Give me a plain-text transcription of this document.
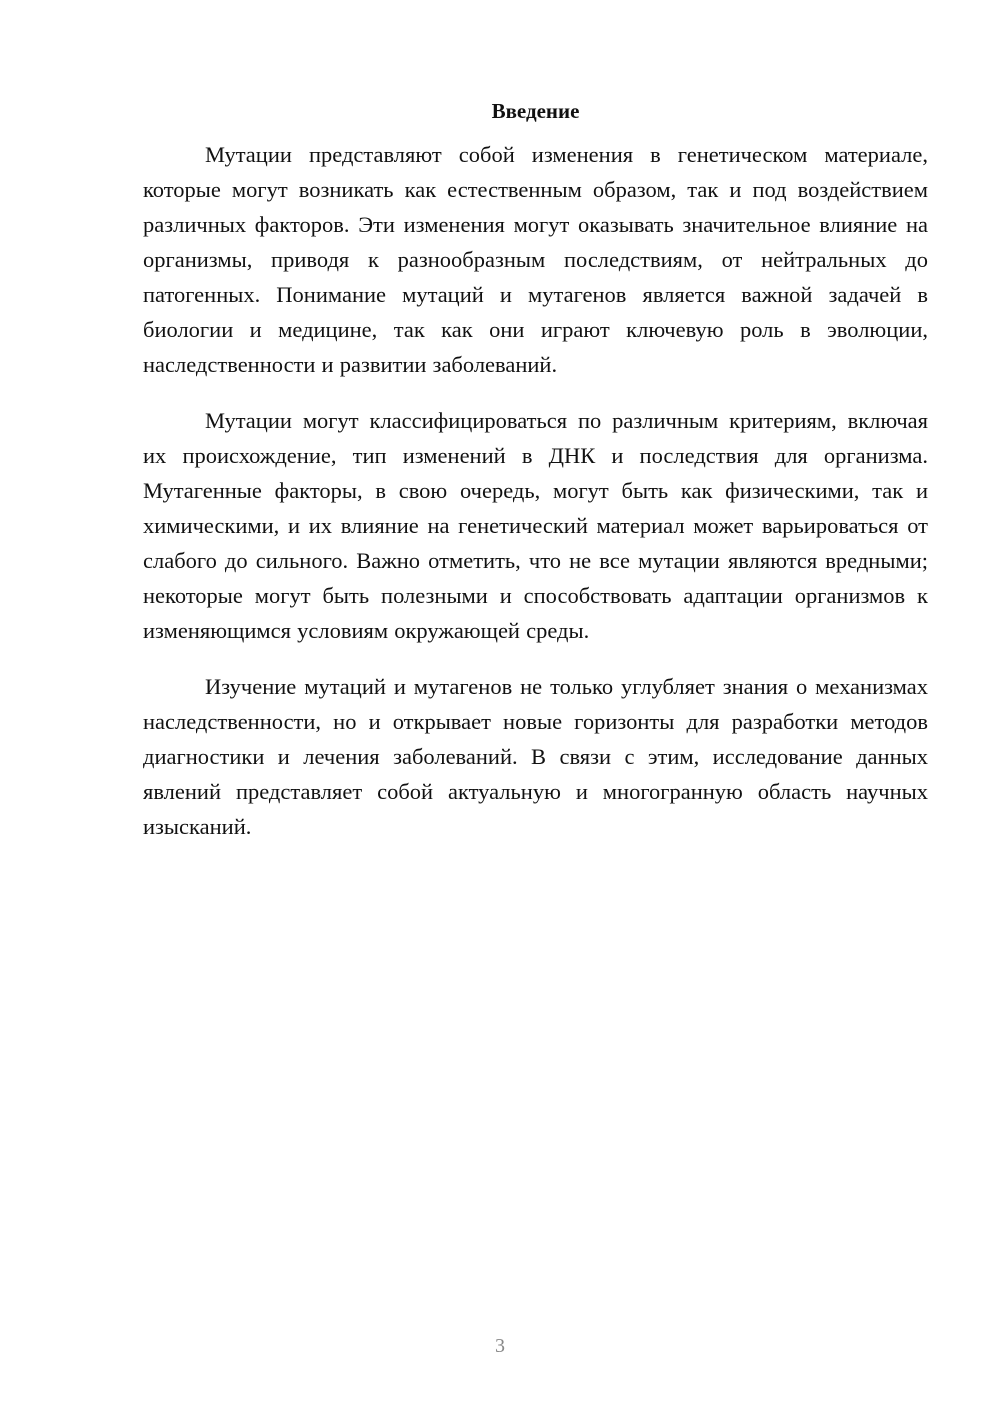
Введение

Мутации представляют собой изменения в генетическом материале, которые могут возникать как естественным образом, так и под воздействием различных факторов. Эти изменения могут оказывать значительное влияние на организмы, приводя к разнообразным последствиям, от нейтральных до патогенных. Понимание мутаций и мутагенов является важной задачей в биологии и медицине, так как они играют ключевую роль в эволюции, наследственности и развитии заболеваний.

Мутации могут классифицироваться по различным критериям, включая их происхождение, тип изменений в ДНК и последствия для организма. Мутагенные факторы, в свою очередь, могут быть как физическими, так и химическими, и их влияние на генетический материал может варьироваться от слабого до сильного. Важно отметить, что не все мутации являются вредными; некоторые могут быть полезными и способствовать адаптации организмов к изменяющимся условиям окружающей среды.

Изучение мутаций и мутагенов не только углубляет знания о механизмах наследственности, но и открывает новые горизонты для разработки методов диагностики и лечения заболеваний. В связи с этим, исследование данных явлений представляет собой актуальную и многогранную область научных изысканий.

3
